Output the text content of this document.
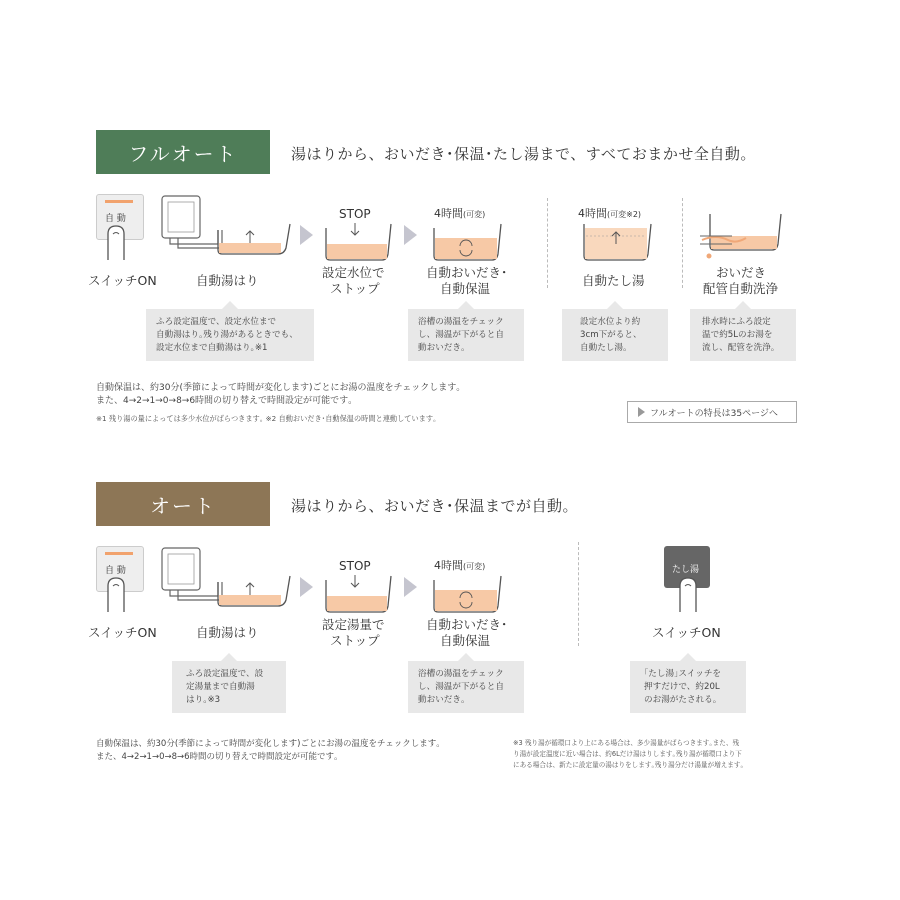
フルオート	湯はりから、おいだき･保温･たし湯まで、すべておまかせ全自動。
自 動
スイッチON	自動湯はり
STOP
設定水位で
ストップ
4時間(可変)
自動おいだき･
自動保温
4時間(可変※2)
自動たし湯
おいだき
配管自動洗浄
ふろ設定温度で、設定水位まで
自動湯はり｡残り湯があるときでも、
設定水位まで自動湯はり｡※1
浴槽の湯温をチェック
し、湯温が下がると自
動おいだき｡
設定水位より約
3cm下がると、
自動たし湯｡
排水時にふろ設定
温で約5Lのお湯を
流し、配管を洗浄｡
自動保温は、約30分(季節によって時間が変化します)ごとにお湯の温度をチェックします｡
また、4→2→1→0→8→6時間の切り替えで時間設定が可能です｡
※1 残り湯の量によっては多少水位がばらつきます｡ ※2 自動おいだき･自動保温の時間と連動しています｡	フルオートの特長は35ページへ
オート	湯はりから、おいだき･保温までが自動。
自 動
スイッチON	自動湯はり
STOP
設定湯量で
ストップ
4時間(可変)
自動おいだき･
自動保温
たし湯
スイッチON
ふろ設定温度で、設
定湯量まで自動湯
はり｡※3
浴槽の湯温をチェック
し、湯温が下がると自
動おいだき｡
｢たし湯｣スイッチを
押すだけで、約20L
のお湯がたされる｡
自動保温は、約30分(季節によって時間が変化します)ごとにお湯の温度をチェックします｡
また、4→2→1→0→8→6時間の切り替えで時間設定が可能です｡
※3 残り湯が循環口より上にある場合は、多少湯量がばらつきます｡また、残
り湯が設定温度に近い場合は、約6Lだけ湯はりします｡残り湯が循環口より下
にある場合は、新たに設定量の湯はりをします｡残り湯分だけ湯量が増えます｡
